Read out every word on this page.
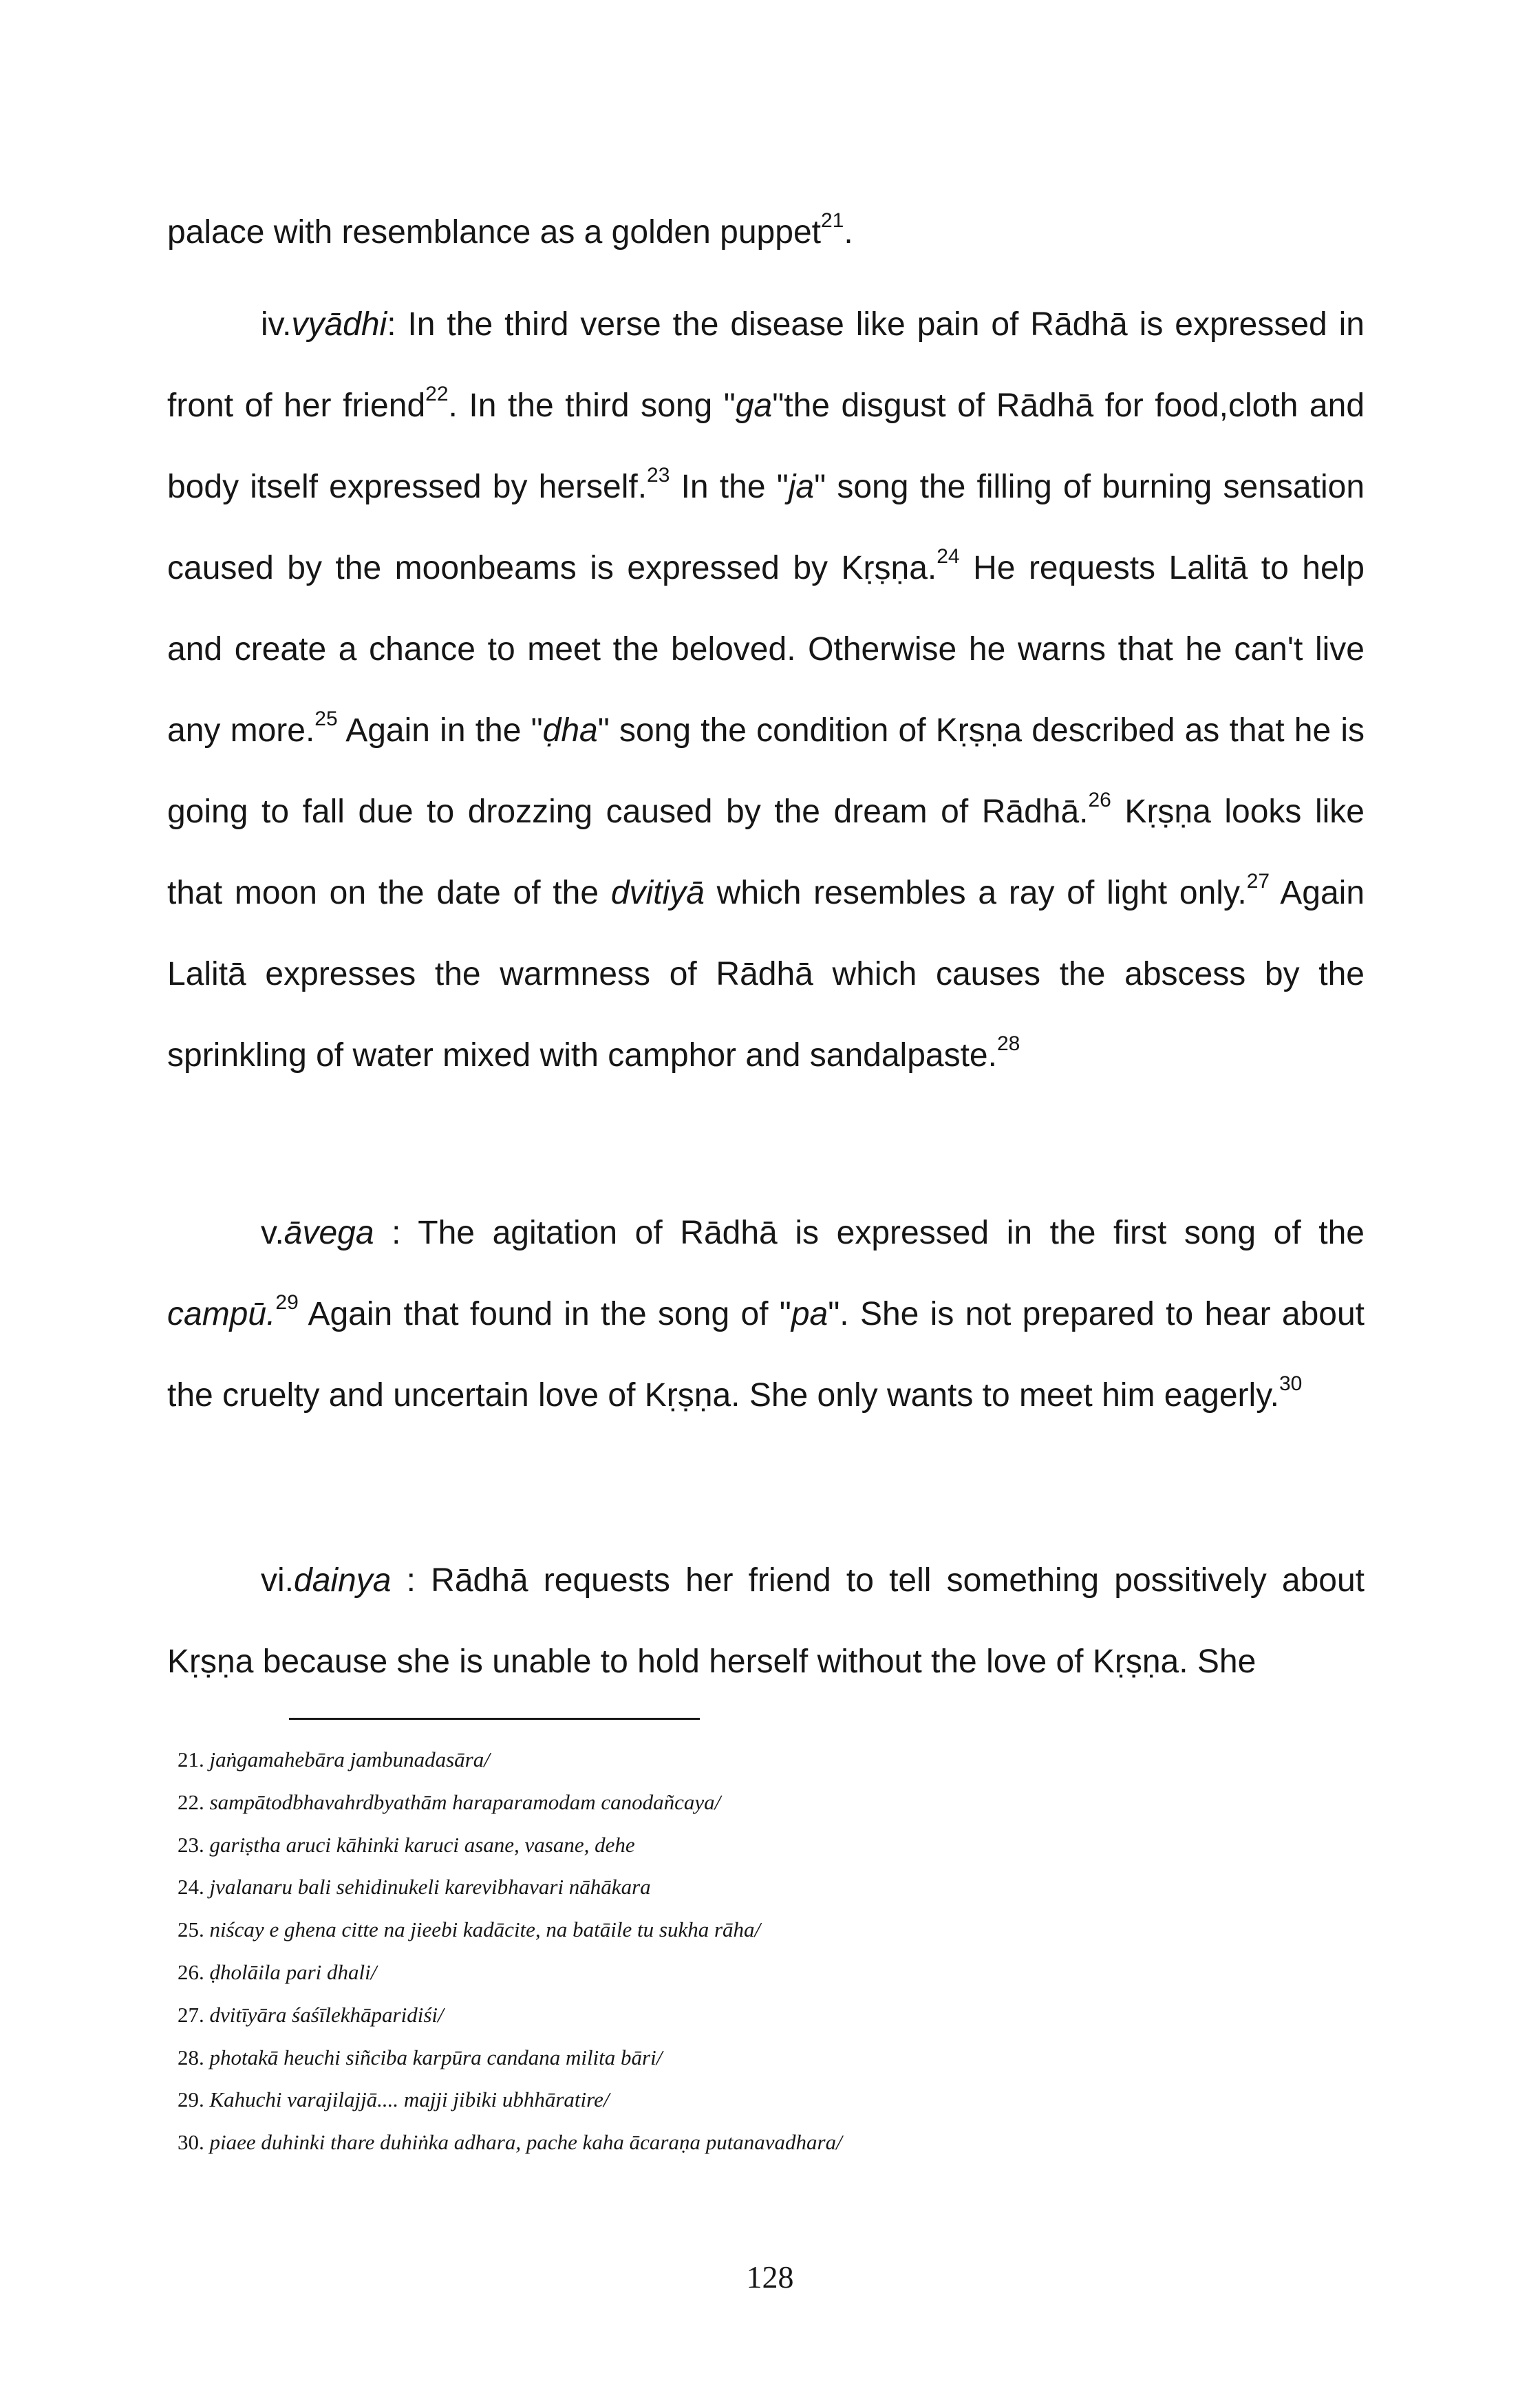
palace with resemblance as a golden puppet$^{21}$.

iv.vyādhi: In the third verse the disease like pain of Rādhā is expressed in front of her friend$^{22}$. In the third song "ga"the disgust of Rādhā for food,cloth and body itself expressed by herself.$^{23}$ In the "ja" song the filling of burning sensation caused by the moonbeams is expressed by Kṛṣṇa.$^{24}$ He requests Lalitā to help and create a chance to meet the beloved. Otherwise he warns that he can't live any more.$^{25}$ Again in the "ḍha" song the condition of Kṛṣṇa described as that he is going to fall due to drozzing caused by the dream of Rādhā.$^{26}$ Kṛṣṇa looks like that moon on the date of the dvitiyā which resembles a ray of light only.$^{27}$ Again Lalitā expresses the warmness of Rādhā which causes the abscess by the sprinkling of water mixed with camphor and sandalpaste.$^{28}$

v.āvega : The agitation of Rādhā is expressed in the first song of the campū.$^{29}$ Again that found in the song of "pa". She is not prepared to hear about the cruelty and uncertain love of Kṛṣṇa. She only wants to meet him eagerly.$^{30}$

vi.dainya : Rādhā requests her friend to tell something possitively about Kṛṣṇa because she is unable to hold herself without the love of Kṛṣṇa. She

21. jaṅgamahebāra jambunadasāra/
22. sampātodbhavahrdbyathām haraparamodam canodañcaya/
23. gariṣtha aruci kāhinki karuci asane, vasane, dehe
24. jvalanaru bali sehidinukeli karevibhavari nāhākara
25. niścay e ghena citte na jieebi kadācite, na batāile tu sukha rāha/
26. ḍholāila pari dhali/
27. dvitīyāra śaśīlekhāparidiśi/
28. photakā heuchi siñciba karpūra candana milita bāri/
29. Kahuchi varajilajjā.... majji jibiki ubhhāratire/
30. piaee duhinki thare duhiṅka adhara, pache kaha ācaraṇa putanavadhara/
128
